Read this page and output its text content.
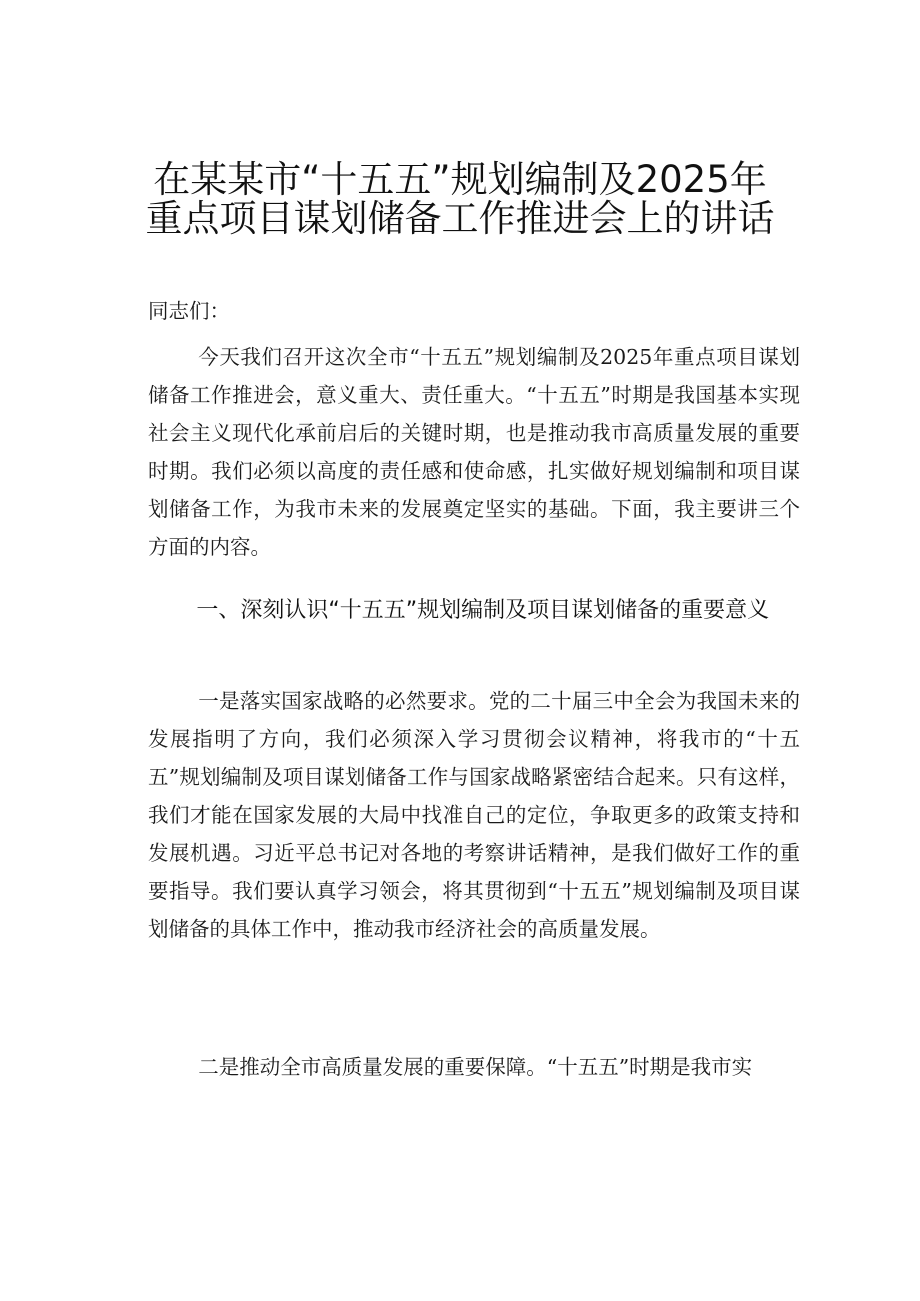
在某某市“十五五”规划编制及2025年
重点项目谋划储备工作推进会上的讲话

同志们：

今天我们召开这次全市“十五五”规划编制及2025年重点项目谋划储备工作推进会，意义重大、责任重大。“十五五”时期是我国基本实现社会主义现代化承前启后的关键时期，也是推动我市高质量发展的重要时期。我们必须以高度的责任感和使命感，扎实做好规划编制和项目谋划储备工作，为我市未来的发展奠定坚实的基础。下面，我主要讲三个方面的内容。

一、深刻认识“十五五”规划编制及项目谋划储备的重要意义

一是落实国家战略的必然要求。党的二十届三中全会为我国未来的发展指明了方向，我们必须深入学习贯彻会议精神，将我市的“十五五”规划编制及项目谋划储备工作与国家战略紧密结合起来。只有这样，我们才能在国家发展的大局中找准自己的定位，争取更多的政策支持和发展机遇。习近平总书记对各地的考察讲话精神，是我们做好工作的重要指导。我们要认真学习领会，将其贯彻到“十五五”规划编制及项目谋划储备的具体工作中，推动我市经济社会的高质量发展。

二是推动全市高质量发展的重要保障。“十五五”时期是我市实
